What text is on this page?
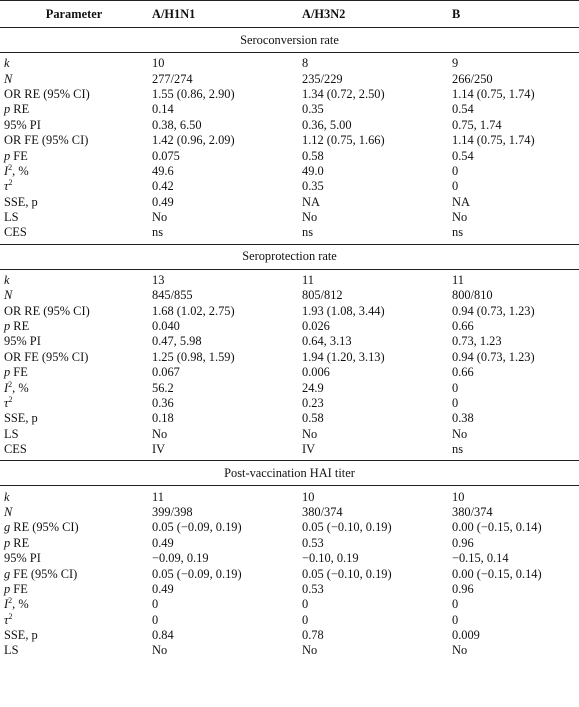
Parameter	A/H1N1	A/H3N2	B
Seroconversion rate			
k	10	8	9
N	277/274	235/229	266/250
OR RE (95% CI)	1.55 (0.86, 2.90)	1.34 (0.72, 2.50)	1.14 (0.75, 1.74)
p RE	0.14	0.35	0.54
95% PI	0.38, 6.50	0.36, 5.00	0.75, 1.74
OR FE (95% CI)	1.42 (0.96, 2.09)	1.12 (0.75, 1.66)	1.14 (0.75, 1.74)
p FE	0.075	0.58	0.54
$I^2$, %	49.6	49.0	0
$\tau^2$	0.42	0.35	0
SSE, p	0.49	NA	NA
LS	No	No	No
CES	ns	ns	ns
Seroprotection rate			
k	13	11	11
N	845/855	805/812	800/810
OR RE (95% CI)	1.68 (1.02, 2.75)	1.93 (1.08, 3.44)	0.94 (0.73, 1.23)
p RE	0.040	0.026	0.66
95% PI	0.47, 5.98	0.64, 3.13	0.73, 1.23
OR FE (95% CI)	1.25 (0.98, 1.59)	1.94 (1.20, 3.13)	0.94 (0.73, 1.23)
p FE	0.067	0.006	0.66
$I^2$, %	56.2	24.9	0
$\tau^2$	0.36	0.23	0
SSE, p	0.18	0.58	0.38
LS	No	No	No
CES	IV	IV	ns
Post-vaccination HAI titer			
k	11	10	10
N	399/398	380/374	380/374
g RE (95% CI)	0.05 (−0.09, 0.19)	0.05 (−0.10, 0.19)	0.00 (−0.15, 0.14)
p RE	0.49	0.53	0.96
95% PI	−0.09, 0.19	−0.10, 0.19	−0.15, 0.14
g FE (95% CI)	0.05 (−0.09, 0.19)	0.05 (−0.10, 0.19)	0.00 (−0.15, 0.14)
p FE	0.49	0.53	0.96
$I^2$, %	0	0	0
$\tau^2$	0	0	0
SSE, p	0.84	0.78	0.009
LS	No	No	No
